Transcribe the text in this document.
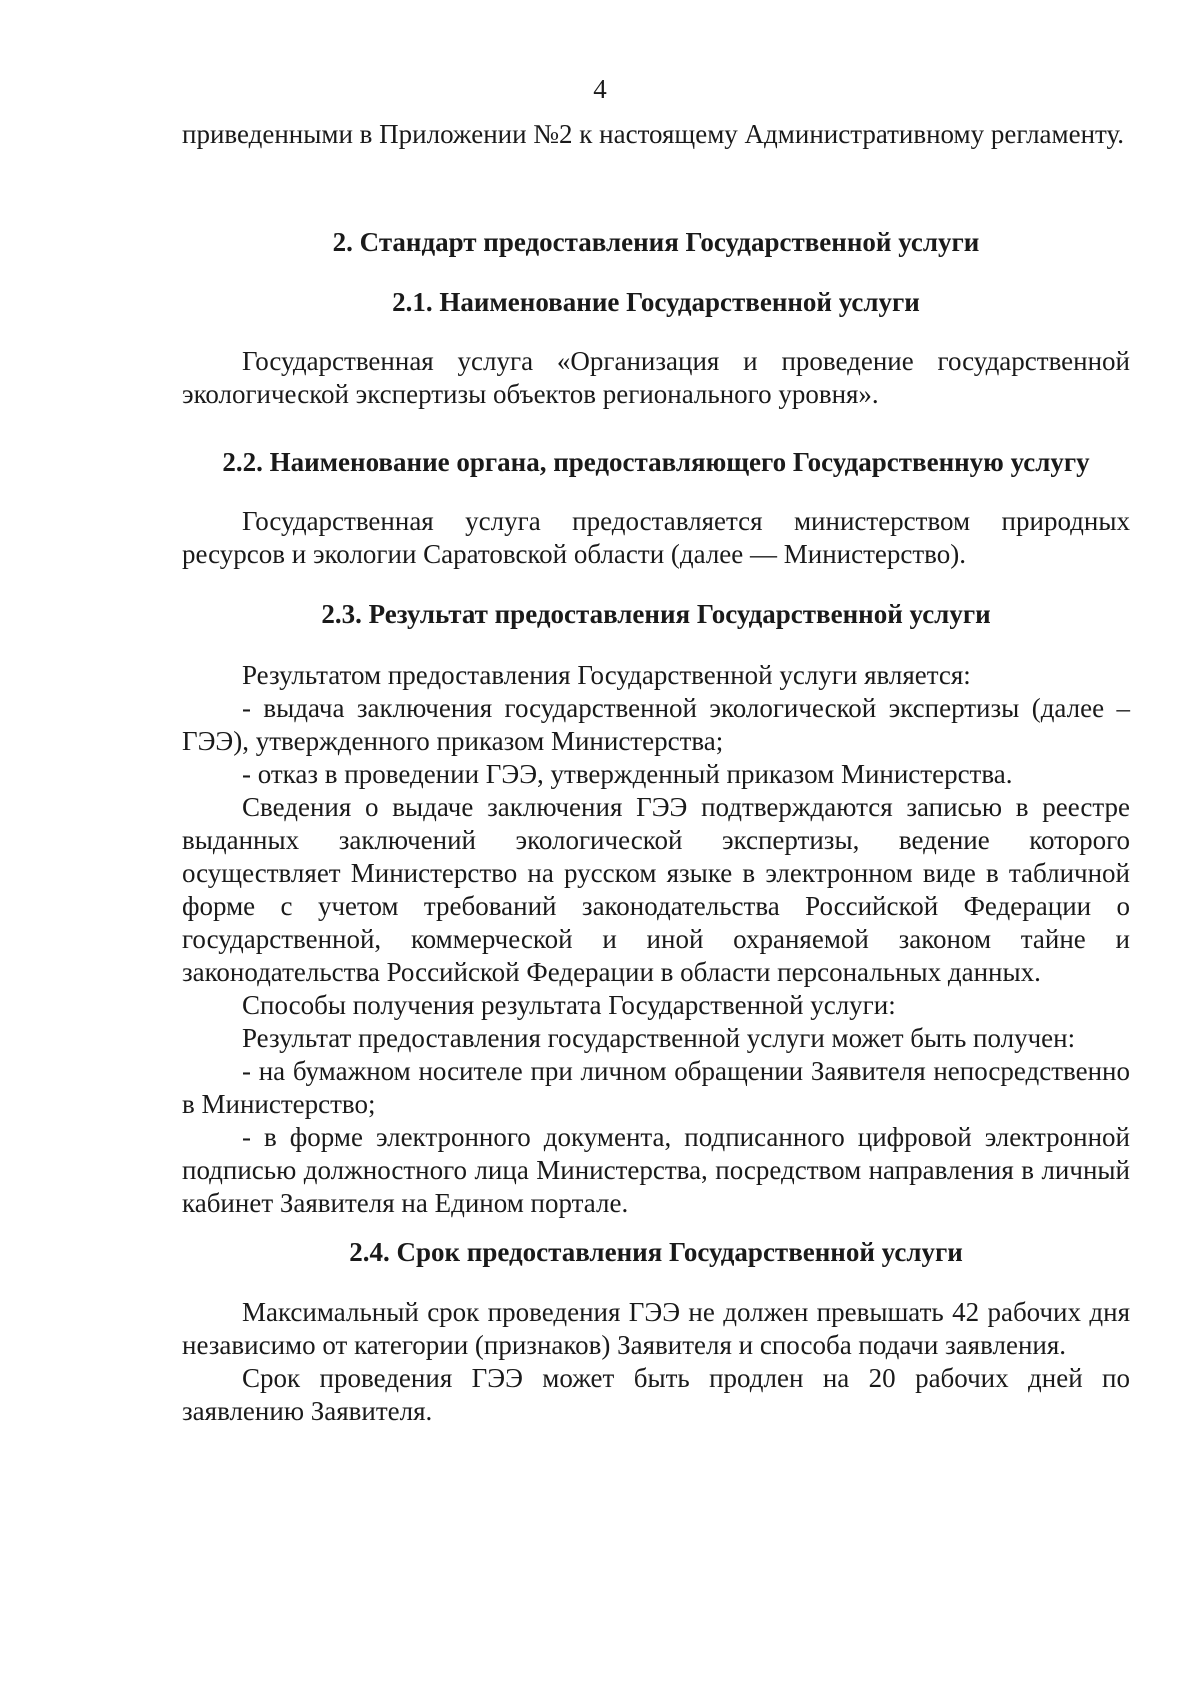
4

приведенными в Приложении №2 к настоящему Административному регламенту.

2. Стандарт предоставления Государственной услуги
2.1. Наименование Государственной услуги

Государственная услуга «Организация и проведение государственной экологической экспертизы объектов регионального уровня».

2.2. Наименование органа, предоставляющего Государственную услугу

Государственная услуга предоставляется министерством природных ресурсов и экологии Саратовской области (далее — Министерство).

2.3. Результат предоставления Государственной услуги

Результатом предоставления Государственной услуги является:

- выдача заключения государственной экологической экспертизы (далее – ГЭЭ), утвержденного приказом Министерства;

- отказ в проведении ГЭЭ, утвержденный приказом Министерства.

Сведения о выдаче заключения ГЭЭ подтверждаются записью в реестре выданных заключений экологической экспертизы, ведение которого осуществляет Министерство на русском языке в электронном виде в табличной форме с учетом требований законодательства Российской Федерации о государственной, коммерческой и иной охраняемой законом тайне и законодательства Российской Федерации в области персональных данных.

Способы получения результата Государственной услуги:

Результат предоставления государственной услуги может быть получен:

- на бумажном носителе при личном обращении Заявителя непосредственно в Министерство;

- в форме электронного документа, подписанного цифровой электронной подписью должностного лица Министерства, посредством направления в личный кабинет Заявителя на Едином портале.

2.4. Срок предоставления Государственной услуги

Максимальный срок проведения ГЭЭ не должен превышать 42 рабочих дня независимо от категории (признаков) Заявителя и способа подачи заявления.

Срок проведения ГЭЭ может быть продлен на 20 рабочих дней по заявлению Заявителя.
